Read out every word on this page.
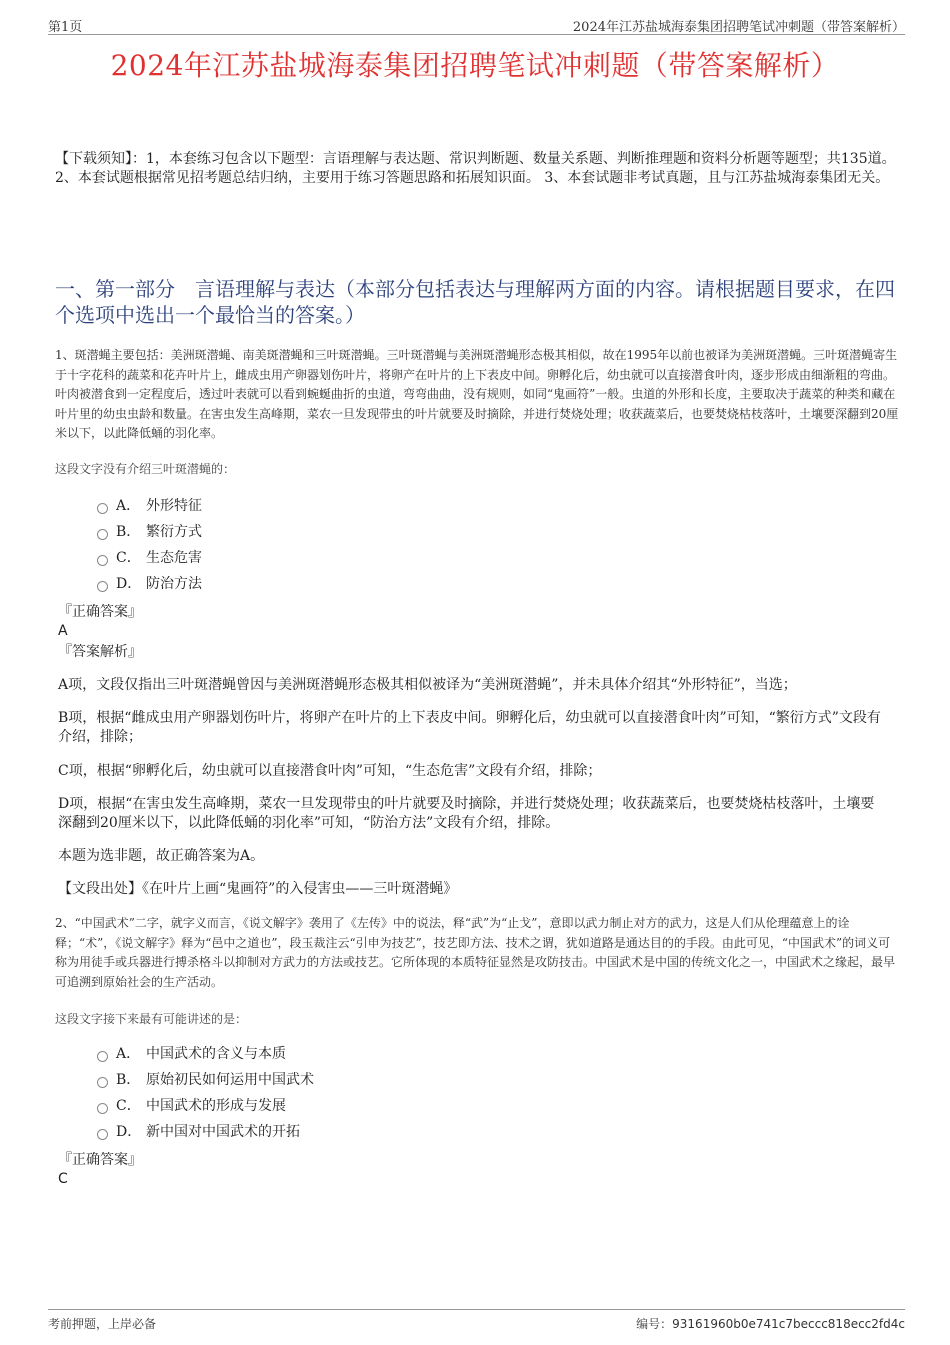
第1页	2024年江苏盐城海泰集团招聘笔试冲刺题（带答案解析）
2024年江苏盐城海泰集团招聘笔试冲刺题（带答案解析）
【下载须知】：1，本套练习包含以下题型：言语理解与表达题、常识判断题、数量关系题、判断推理题和资料分析题等题型；共135道。 2、本套试题根据常见招考题总结归纳，主要用于练习答题思路和拓展知识面。 3、本套试题非考试真题，且与江苏盐城海泰集团无关。
一、第一部分　言语理解与表达（本部分包括表达与理解两方面的内容。请根据题目要求，在四个选项中选出一个最恰当的答案。）
1、斑潜蝇主要包括：美洲斑潜蝇、南美斑潜蝇和三叶斑潜蝇。三叶斑潜蝇与美洲斑潜蝇形态极其相似，故在1995年以前也被译为美洲斑潜蝇。三叶斑潜蝇寄生于十字花科的蔬菜和花卉叶片上，雌成虫用产卵器划伤叶片，将卵产在叶片的上下表皮中间。卵孵化后，幼虫就可以直接潜食叶肉，逐步形成由细渐粗的弯曲。叶肉被潜食到一定程度后，透过叶表就可以看到蜿蜒曲折的虫道，弯弯曲曲，没有规则，如同“鬼画符”一般。虫道的外形和长度，主要取决于蔬菜的种类和藏在叶片里的幼虫虫龄和数量。在害虫发生高峰期，菜农一旦发现带虫的叶片就要及时摘除，并进行焚烧处理；收获蔬菜后，也要焚烧枯枝落叶，土壤要深翻到20厘米以下，以此降低蛹的羽化率。
这段文字没有介绍三叶斑潜蝇的：
A． 外形特征
B． 繁衍方式
C． 生态危害
D． 防治方法
『正确答案』
A
『答案解析』
A项，文段仅指出三叶斑潜蝇曾因与美洲斑潜蝇形态极其相似被译为“美洲斑潜蝇”，并未具体介绍其“外形特征”，当选；
B项，根据“雌成虫用产卵器划伤叶片，将卵产在叶片的上下表皮中间。卵孵化后，幼虫就可以直接潜食叶肉”可知，“繁衍方式”文段有介绍，排除；
C项，根据“卵孵化后，幼虫就可以直接潜食叶肉”可知，“生态危害”文段有介绍，排除；
D项，根据“在害虫发生高峰期，菜农一旦发现带虫的叶片就要及时摘除，并进行焚烧处理；收获蔬菜后，也要焚烧枯枝落叶，土壤要深翻到20厘米以下，以此降低蛹的羽化率”可知，“防治方法”文段有介绍，排除。
本题为选非题，故正确答案为A。
【文段出处】《在叶片上画“鬼画符”的入侵害虫——三叶斑潜蝇》
2、“中国武术”二字，就字义而言，《说文解字》袭用了《左传》中的说法，释“武”为“止戈”，意即以武力制止对方的武力，这是人们从伦理蕴意上的诠释；“术”，《说文解字》释为“邑中之道也”，段玉裁注云“引申为技艺”，技艺即方法、技术之谓，犹如道路是通达目的的手段。由此可见，“中国武术”的词义可称为用徒手或兵器进行搏杀格斗以抑制对方武力的方法或技艺。它所体现的本质特征显然是攻防技击。中国武术是中国的传统文化之一，中国武术之缘起，最早可追溯到原始社会的生产活动。
这段文字接下来最有可能讲述的是：
A． 中国武术的含义与本质
B． 原始初民如何运用中国武术
C． 中国武术的形成与发展
D． 新中国对中国武术的开拓
『正确答案』
C
考前押题，上岸必备	编号：93161960b0e741c7beccc818ecc2fd4c
